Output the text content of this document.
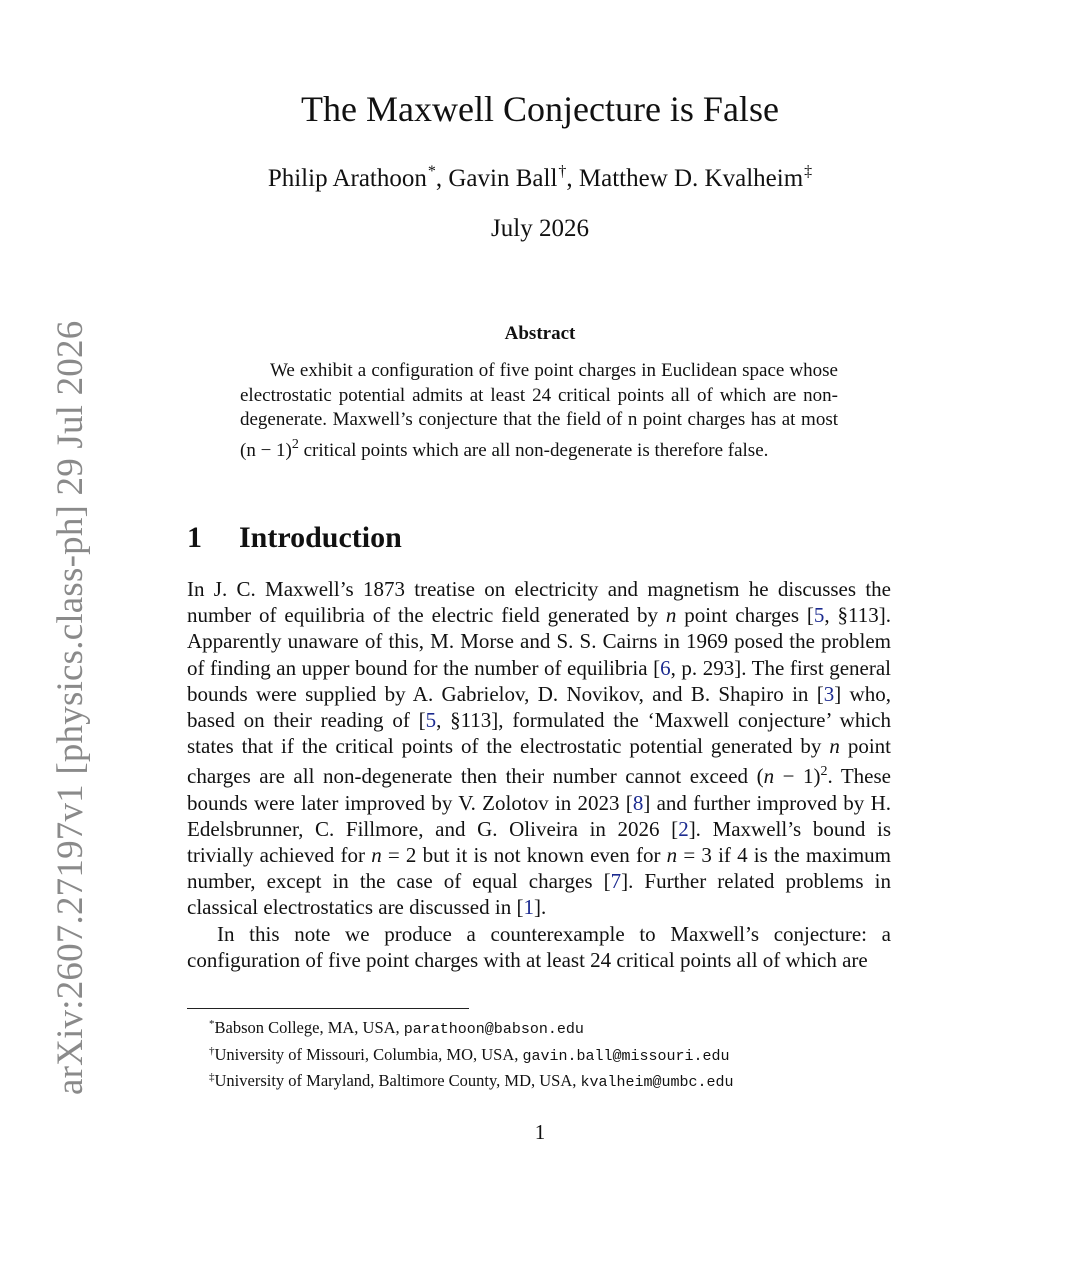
arXiv:2607.27197v1 [physics.class-ph] 29 Jul 2026
The Maxwell Conjecture is False
Philip Arathoon*, Gavin Ball†, Matthew D. Kvalheim‡
July 2026
Abstract

We exhibit a configuration of five point charges in Euclidean space whose electrostatic potential admits at least 24 critical points all of which are non-degenerate. Maxwell’s conjecture that the field of n point charges has at most $(n - 1)^2$ critical points which are all non-degenerate is therefore false.

1 Introduction

In J. C. Maxwell’s 1873 treatise on electricity and magnetism he discusses the number of equilibria of the electric field generated by n point charges [5, §113]. Apparently unaware of this, M. Morse and S. S. Cairns in 1969 posed the problem of finding an upper bound for the number of equilibria [6, p. 293]. The first general bounds were supplied by A. Gabrielov, D. Novikov, and B. Shapiro in [3] who, based on their reading of [5, §113], formulated the ‘Maxwell conjecture’ which states that if the critical points of the electrostatic potential generated by n point charges are all non-degenerate then their number cannot exceed $(n - 1)^2$. These bounds were later improved by V. Zolotov in 2023 [8] and further improved by H. Edelsbrunner, C. Fillmore, and G. Oliveira in 2026 [2]. Maxwell’s bound is trivially achieved for n = 2 but it is not known even for n = 3 if 4 is the maximum number, except in the case of equal charges [7]. Further related problems in classical electrostatics are discussed in [1].

In this note we produce a counterexample to Maxwell’s conjecture: a configuration of five point charges with at least 24 critical points all of which are

*Babson College, MA, USA, parathoon@babson.edu
†University of Missouri, Columbia, MO, USA, gavin.ball@missouri.edu
‡University of Maryland, Baltimore County, MD, USA, kvalheim@umbc.edu
1
